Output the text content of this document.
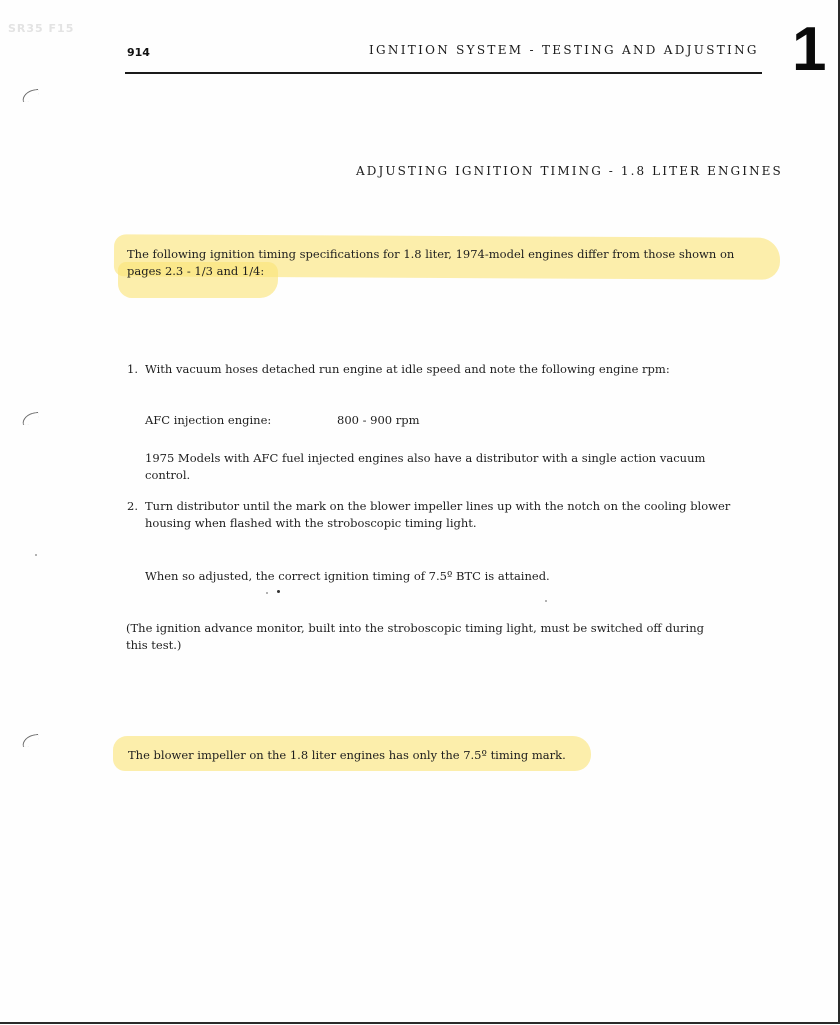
SR35 F15
914	IGNITION SYSTEM - TESTING AND ADJUSTING 1
ADJUSTING IGNITION TIMING - 1.8 LITER ENGINES
The following ignition timing specifications for 1.8 liter, 1974-model engines differ from those shown on
pages 2.3 - 1/3 and 1/4:
1. With vacuum hoses detached run engine at idle speed and note the following engine rpm:
AFC injection engine:	800 - 900 rpm
1975 Models with AFC fuel injected engines also have a distributor with a single action vacuum
control.
2. Turn distributor until the mark on the blower impeller lines up with the notch on the cooling blower
housing when flashed with the stroboscopic timing light.
When so adjusted, the correct ignition timing of 7.5º BTC is attained.
(The ignition advance monitor, built into the stroboscopic timing light, must be switched off during
this test.)
The blower impeller on the 1.8 liter engines has only the 7.5º timing mark.
